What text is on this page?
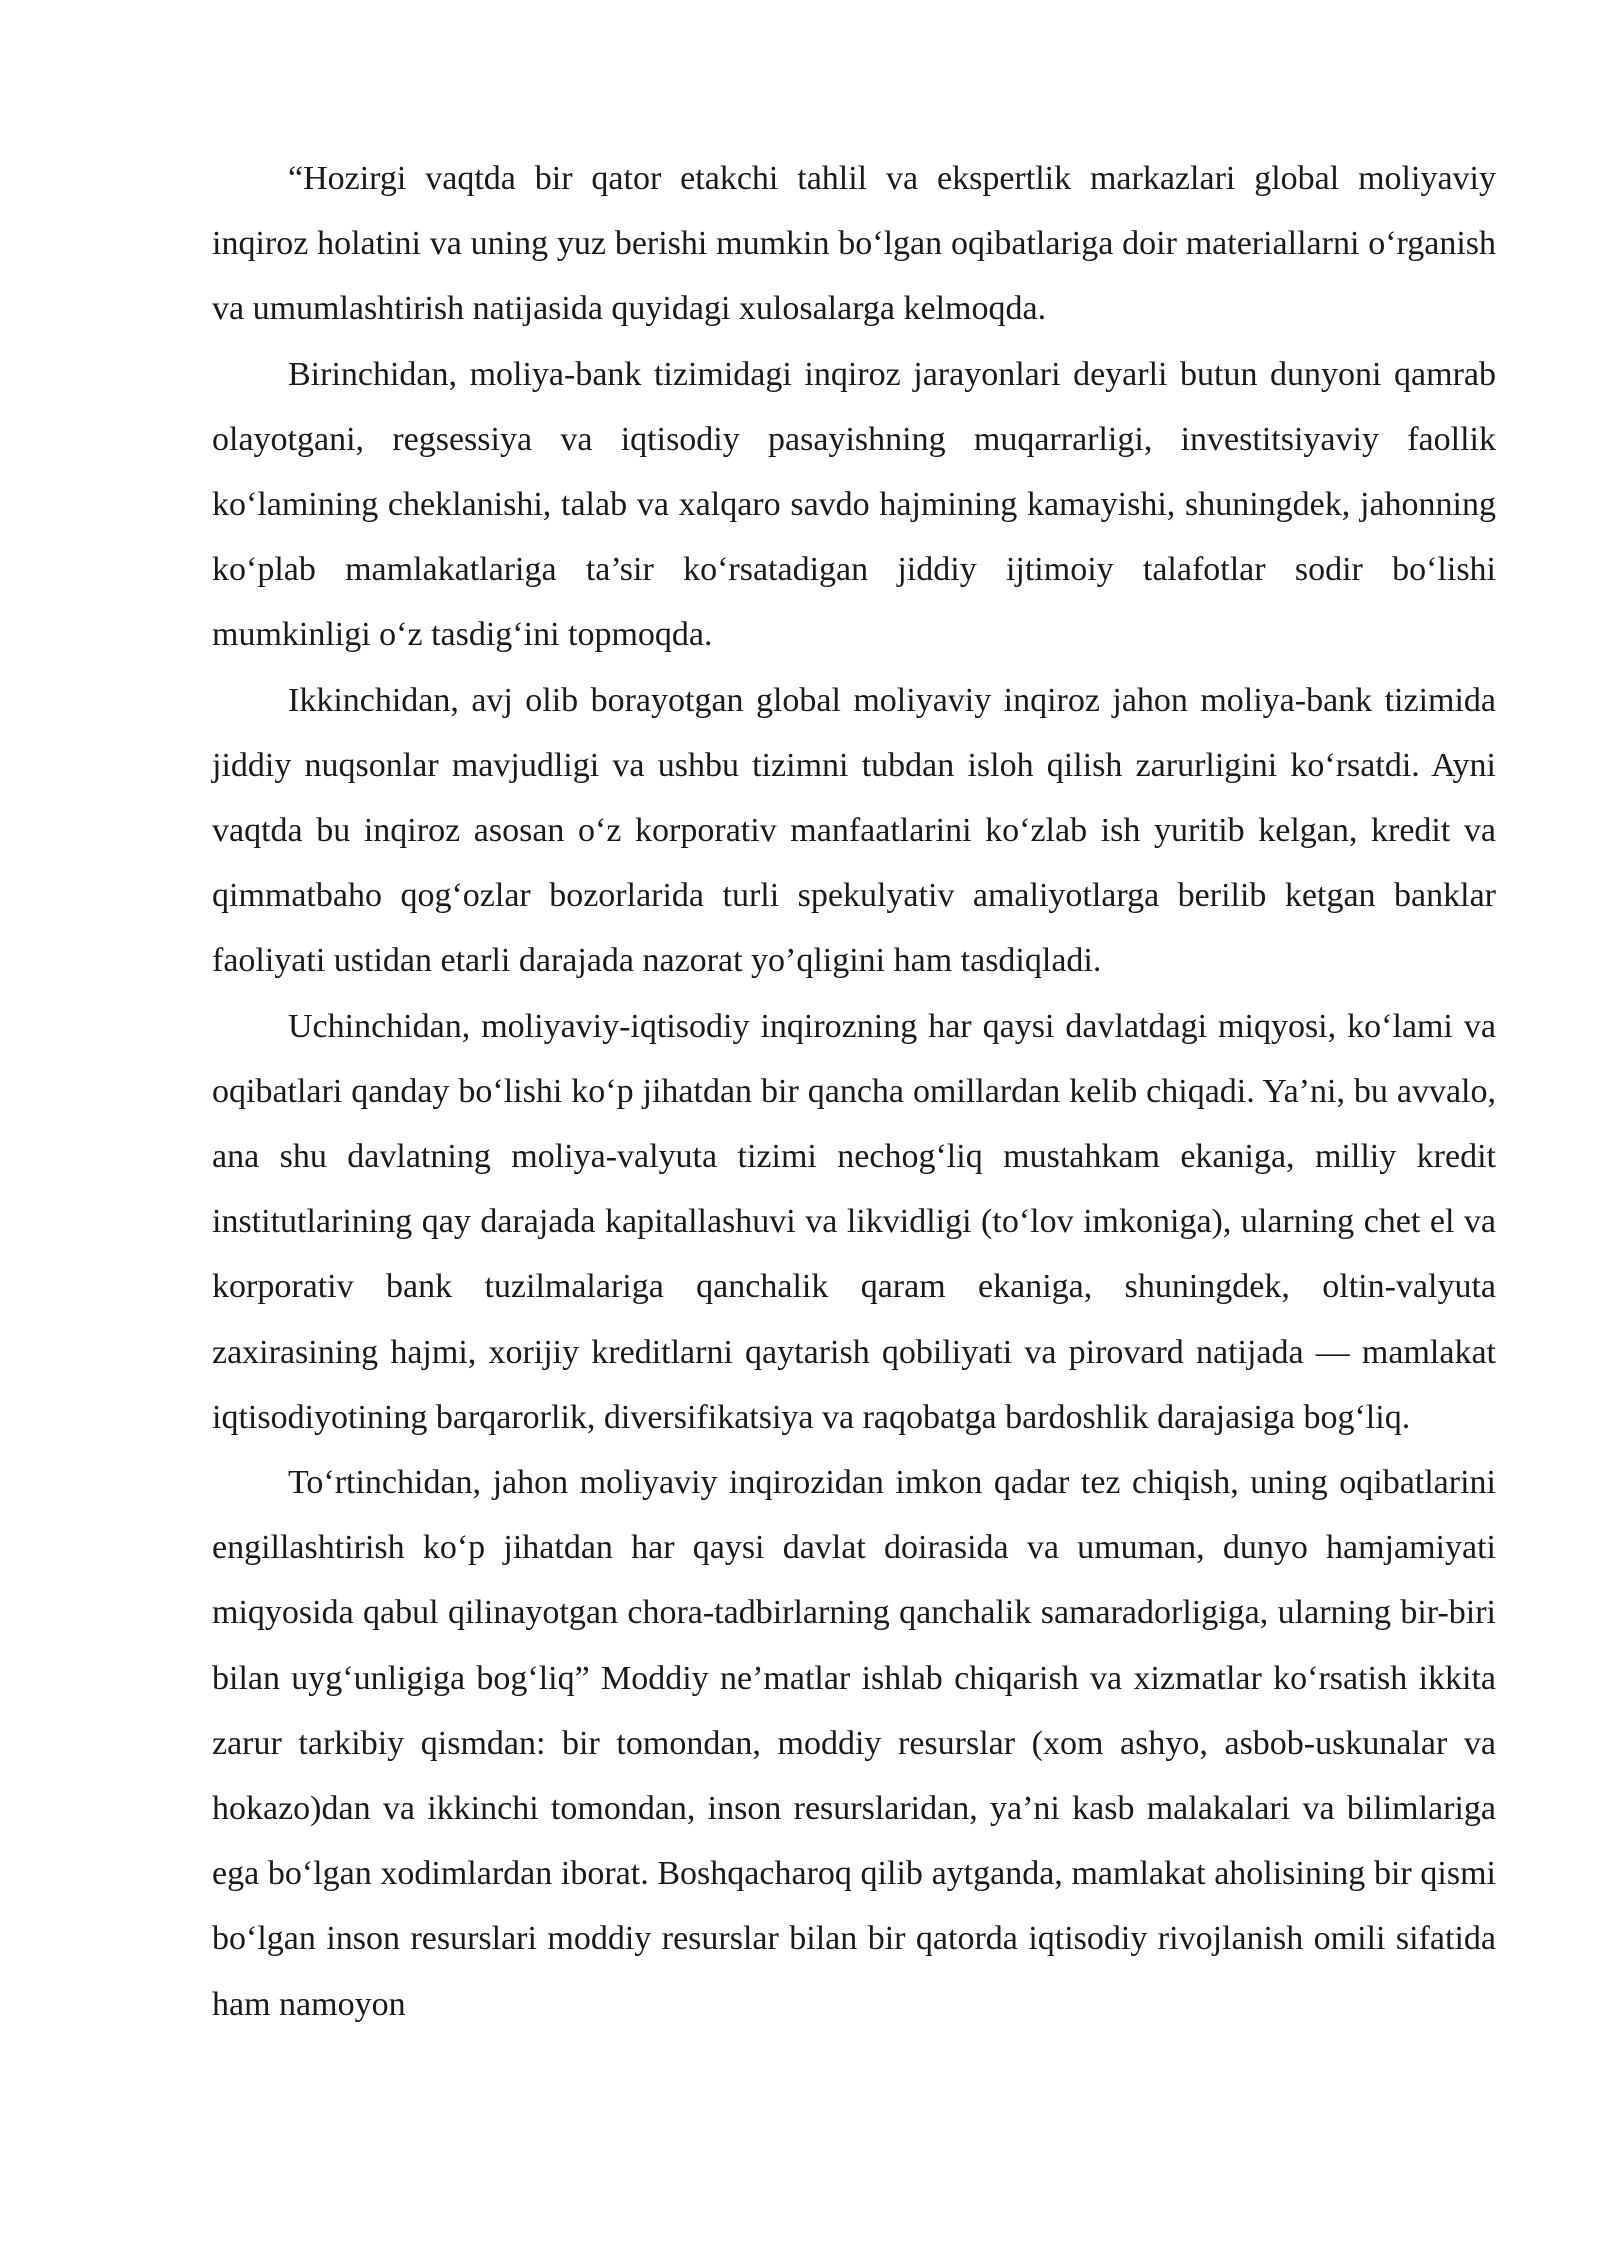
“Hozirgi vaqtda bir qator etakchi tahlil va ekspertlik markazlari global moliyaviy inqiroz holatini va uning yuz berishi mumkin boʻlgan oqibatlariga doir materiallarni oʻrganish va umumlashtirish natijasida quyidagi xulosalarga kelmoqda.

Birinchidan, moliya-bank tizimidagi inqiroz jarayonlari deyarli butun dunyoni qamrab olayotgani, regsessiya va iqtisodiy pasayishning muqarrarligi, investitsiyaviy faollik koʻlamining cheklanishi, talab va xalqaro savdo hajmining kamayishi, shuningdek, jahonning koʻplab mamlakatlariga ta’sir koʻrsatadigan jiddiy ijtimoiy talafotlar sodir boʻlishi mumkinligi oʻz tasdigʻini topmoqda.

Ikkinchidan, avj olib borayotgan global moliyaviy inqiroz jahon moliya-bank tizimida jiddiy nuqsonlar mavjudligi va ushbu tizimni tubdan isloh qilish zarurligini koʻrsatdi. Ayni vaqtda bu inqiroz asosan oʻz korporativ manfaatlarini koʻzlab ish yuritib kelgan, kredit va qimmatbaho qogʻozlar bozorlarida turli spekulyativ amaliyotlarga berilib ketgan banklar faoliyati ustidan etarli darajada nazorat yo’qligini ham tasdiqladi.

Uchinchidan, moliyaviy-iqtisodiy inqirozning har qaysi davlatdagi miqyosi, koʻlami va oqibatlari qanday boʻlishi koʻp jihatdan bir qancha omillardan kelib chiqadi. Ya’ni, bu avvalo, ana shu davlatning moliya-valyuta tizimi nechogʻliq mustahkam ekaniga, milliy kredit institutlarining qay darajada kapitallashuvi va likvidligi (toʻlov imkoniga), ularning chet el va korporativ bank tuzilmalariga qanchalik qaram ekaniga, shuningdek, oltin-valyuta zaxirasining hajmi, xorijiy kreditlarni qaytarish qobiliyati va pirovard natijada — mamlakat iqtisodiyotining barqarorlik, diversifikatsiya va raqobatga bardoshlik darajasiga bogʻliq.

Toʻrtinchidan, jahon moliyaviy inqirozidan imkon qadar tez chiqish, uning oqibatlarini engillashtirish koʻp jihatdan har qaysi davlat doirasida va umuman, dunyo hamjamiyati miqyosida qabul qilinayotgan chora-tadbirlarning qanchalik samaradorligiga, ularning bir-biri bilan uygʻunligiga bogʻliq” Moddiy ne’matlar ishlab chiqarish va xizmatlar koʻrsatish ikkita zarur tarkibiy qismdan: bir tomondan, moddiy resurslar (xom ashyo, asbob-uskunalar va hokazo)dan va ikkinchi tomondan, inson resurslaridan, ya’ni kasb malakalari va bilimlariga ega boʻlgan xodimlardan iborat. Boshqacharoq qilib aytganda, mamlakat aholisining bir qismi boʻlgan inson resurslari moddiy resurslar bilan bir qatorda iqtisodiy rivojlanish omili sifatida ham namoyon
